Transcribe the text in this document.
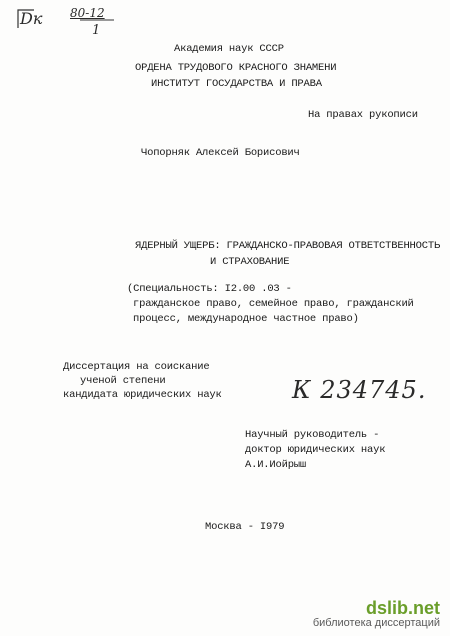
Dк 80-12
1
Академия наук СССР
ОРДЕНА ТРУДОВОГО КРАСНОГО ЗНАМЕНИ
ИНСТИТУТ ГОСУДАРСТВА И ПРАВА
На правах рукописи
Чопорняк Алексей Борисович
ЯДЕРНЫЙ УЩЕРБ: ГРАЖДАНСКО-ПРАВОВАЯ ОТВЕТСТВЕННОСТЬ
И СТРАХОВАНИЕ
(Специальность: I2.00 .03 -
гражданское право, семейное право, гражданский
процесс, международное частное право)
Диссертация на соискание
ученой степени
кандидата юридических наук	К 234745.
Научный руководитель -
доктор юридических наук
А.И.Иойрыш
Москва - I979
dslib.net
библиотека диссертаций
